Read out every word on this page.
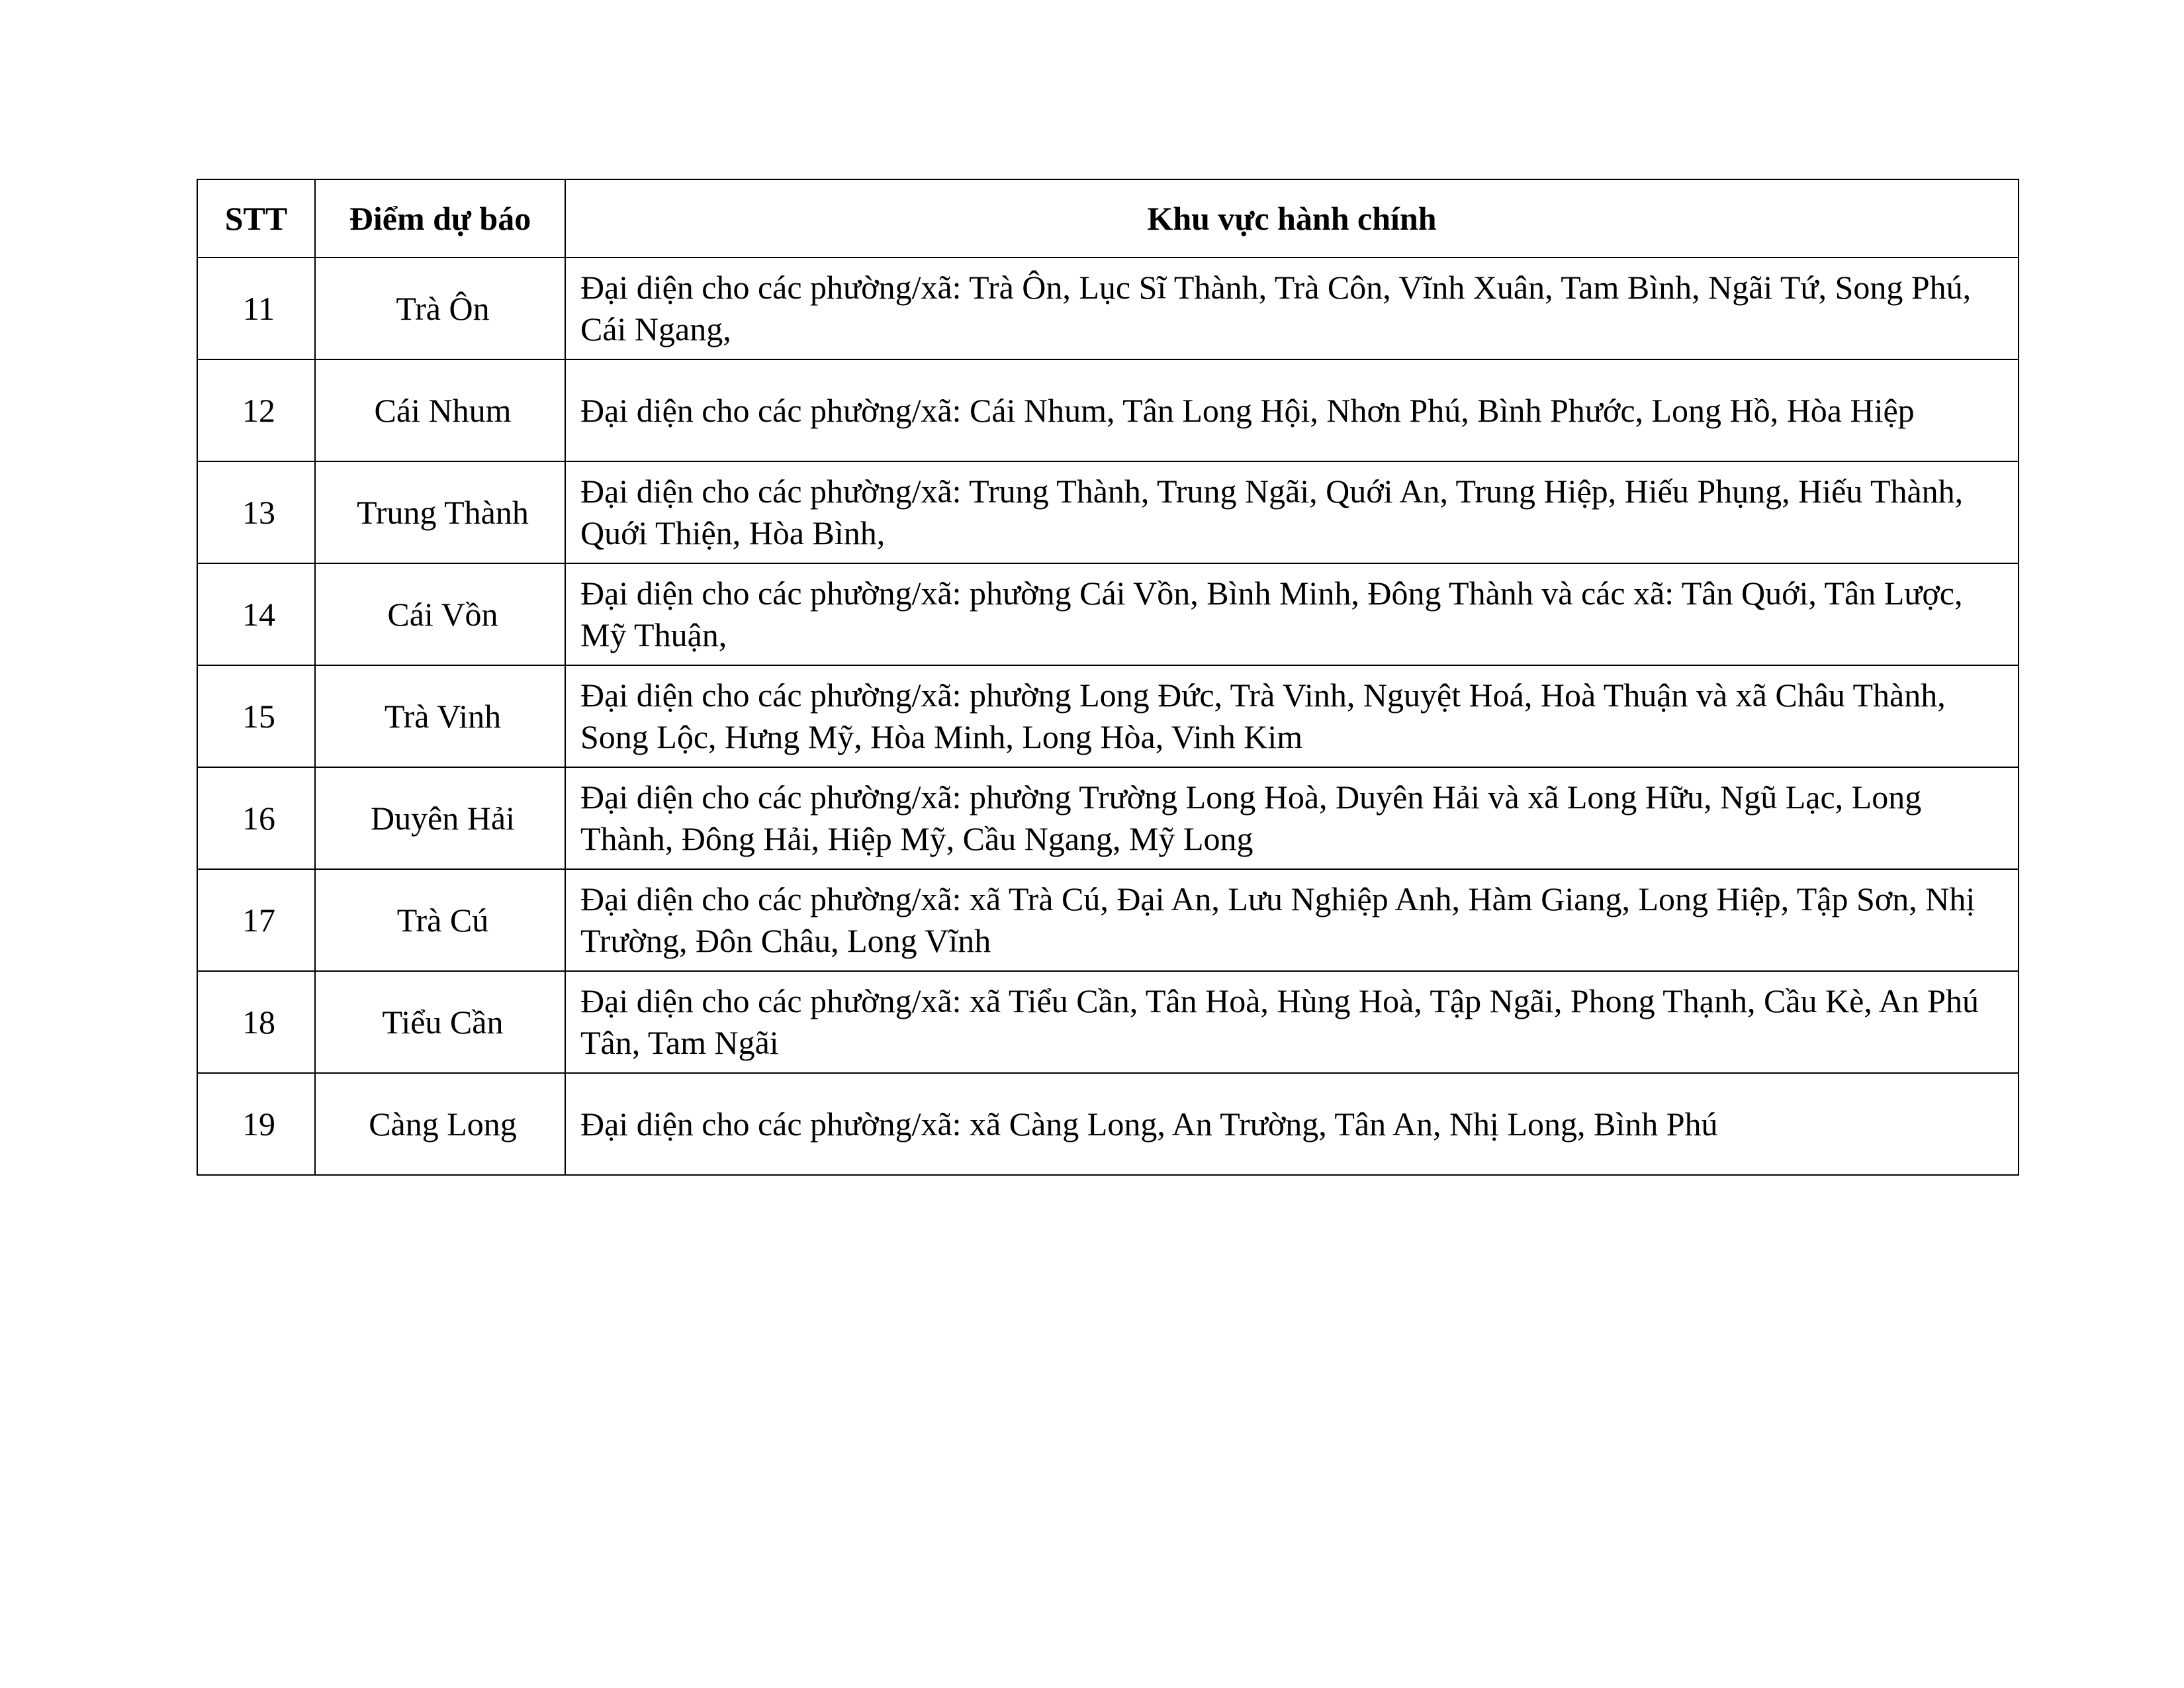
STT	Điểm dự báo	Khu vực hành chính
11	Trà Ôn	Đại diện cho các phường/xã: Trà Ôn, Lục Sĩ Thành, Trà Côn, Vĩnh Xuân, Tam Bình, Ngãi Tứ, Song Phú, Cái Ngang,
12	Cái Nhum	Đại diện cho các phường/xã: Cái Nhum, Tân Long Hội, Nhơn Phú, Bình Phước, Long Hồ, Hòa Hiệp
13	Trung Thành	Đại diện cho các phường/xã: Trung Thành, Trung Ngãi, Quới An, Trung Hiệp, Hiếu Phụng, Hiếu Thành, Quới Thiện, Hòa Bình,
14	Cái Vồn	Đại diện cho các phường/xã: phường Cái Vồn, Bình Minh, Đông Thành và các xã: Tân Quới, Tân Lược, Mỹ Thuận,
15	Trà Vinh	Đại diện cho các phường/xã: phường Long Đức, Trà Vinh, Nguyệt Hoá, Hoà Thuận và xã Châu Thành, Song Lộc, Hưng Mỹ, Hòa Minh, Long Hòa, Vinh Kim
16	Duyên Hải	Đại diện cho các phường/xã: phường Trường Long Hoà, Duyên Hải và xã Long Hữu, Ngũ Lạc, Long Thành, Đông Hải, Hiệp Mỹ, Cầu Ngang, Mỹ Long
17	Trà Cú	Đại diện cho các phường/xã: xã Trà Cú, Đại An, Lưu Nghiệp Anh, Hàm Giang, Long Hiệp, Tập Sơn, Nhị Trường, Đôn Châu, Long Vĩnh
18	Tiểu Cần	Đại diện cho các phường/xã: xã Tiểu Cần, Tân Hoà, Hùng Hoà, Tập Ngãi, Phong Thạnh, Cầu Kè, An Phú Tân, Tam Ngãi
19	Càng Long	Đại diện cho các phường/xã: xã Càng Long, An Trường, Tân An, Nhị Long, Bình Phú
